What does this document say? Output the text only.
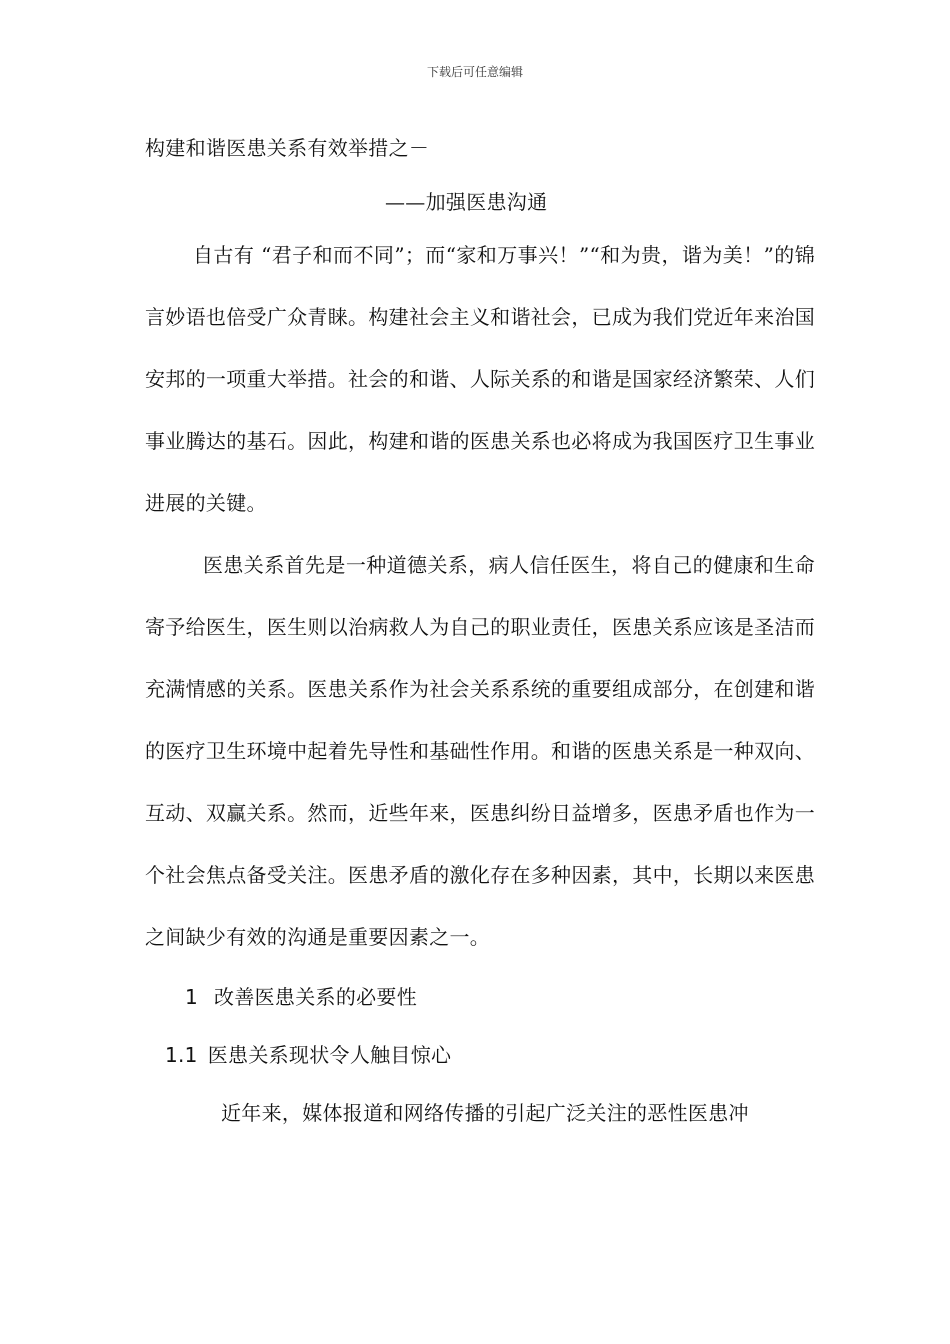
下载后可任意编辑
构建和谐医患关系有效举措之－
——加强医患沟通

自古有 “君子和而不同”；而“家和万事兴！”“和为贵，谐为美！”的锦言妙语也倍受广众青睐。构建社会主义和谐社会，已成为我们党近年来治国安邦的一项重大举措。社会的和谐、人际关系的和谐是国家经济繁荣、人们事业腾达的基石。因此，构建和谐的医患关系也必将成为我国医疗卫生事业进展的关键。

医患关系首先是一种道德关系，病人信任医生，将自己的健康和生命寄予给医生，医生则以治病救人为自己的职业责任，医患关系应该是圣洁而充满情感的关系。医患关系作为社会关系系统的重要组成部分，在创建和谐的医疗卫生环境中起着先导性和基础性作用。和谐的医患关系是一种双向、互动、双赢关系。然而，近些年来，医患纠纷日益增多，医患矛盾也作为一个社会焦点备受关注。医患矛盾的激化存在多种因素，其中，长期以来医患之间缺少有效的沟通是重要因素之一。

1 改善医患关系的必要性
1.1 医患关系现状令人触目惊心
近年来，媒体报道和网络传播的引起广泛关注的恶性医患冲
